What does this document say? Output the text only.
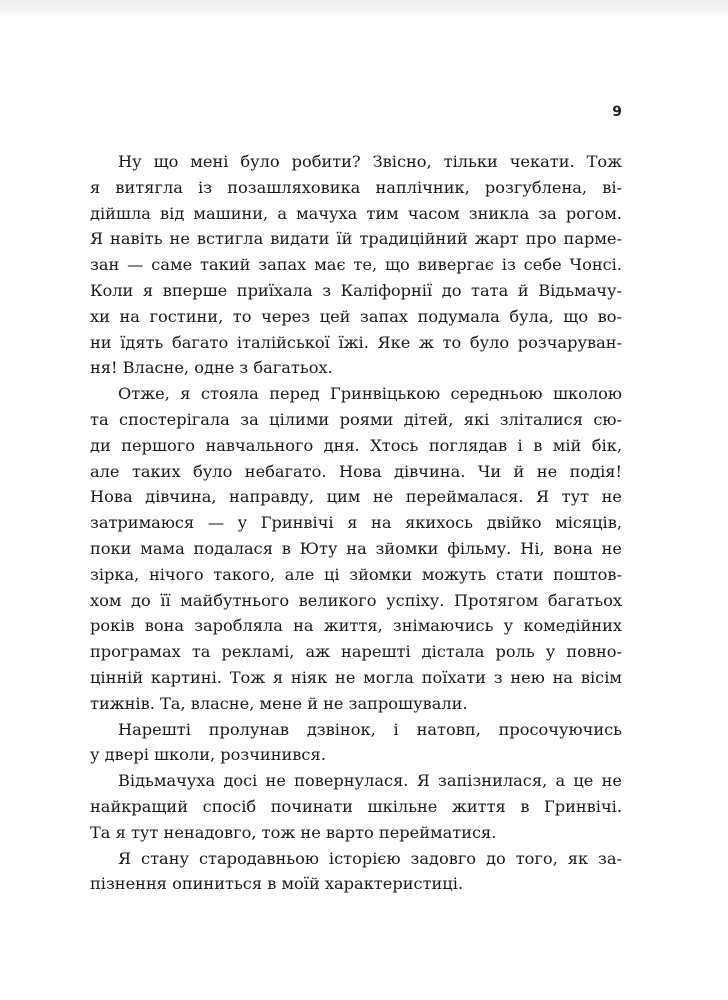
9
Ну що мені було робити? Звісно, тільки чекати. Тож
я витягла із позашляховика наплічник, розгублена, ві-
дійшла від машини, а мачуха тим часом зникла за рогом.
Я навіть не встигла видати їй традиційний жарт про парме-
зан — саме такий запах має те, що вивергає із себе Чонсі.
Коли я вперше приїхала з Каліфорнії до тата й Відьмачу-
хи на гостини, то через цей запах подумала була, що во-
ни їдять багато італійської їжі. Яке ж то було розчаруван-
ня! Власне, одне з багатьох.
Отже, я стояла перед Гринвіцькою середньою школою
та спостерігала за цілими роями дітей, які зліталися сю-
ди першого навчального дня. Хтось поглядав і в мій бік,
але таких було небагато. Нова дівчина. Чи й не подія!
Нова дівчина, направду, цим не переймалася. Я тут не
затримаюся — у Гринвічі я на якихось двійко місяців,
поки мама подалася в Юту на зйомки фільму. Ні, вона не
зірка, нічого такого, але ці зйомки можуть стати поштов-
хом до її майбутнього великого успіху. Протягом багатьох
років вона заробляла на життя, знімаючись у комедійних
програмах та рекламі, аж нарешті дістала роль у повно-
цінній картині. Тож я ніяк не могла поїхати з нею на вісім
тижнів. Та, власне, мене й не запрошували.
Нарешті пролунав дзвінок, і натовп, просочуючись
у двері школи, розчинився.
Відьмачуха досі не повернулася. Я запізнилася, а це не
найкращий спосіб починати шкільне життя в Гринвічі.
Та я тут ненадовго, тож не варто перейматися.
Я стану стародавньою історією задовго до того, як за-
пізнення опиниться в моїй характеристиці.
